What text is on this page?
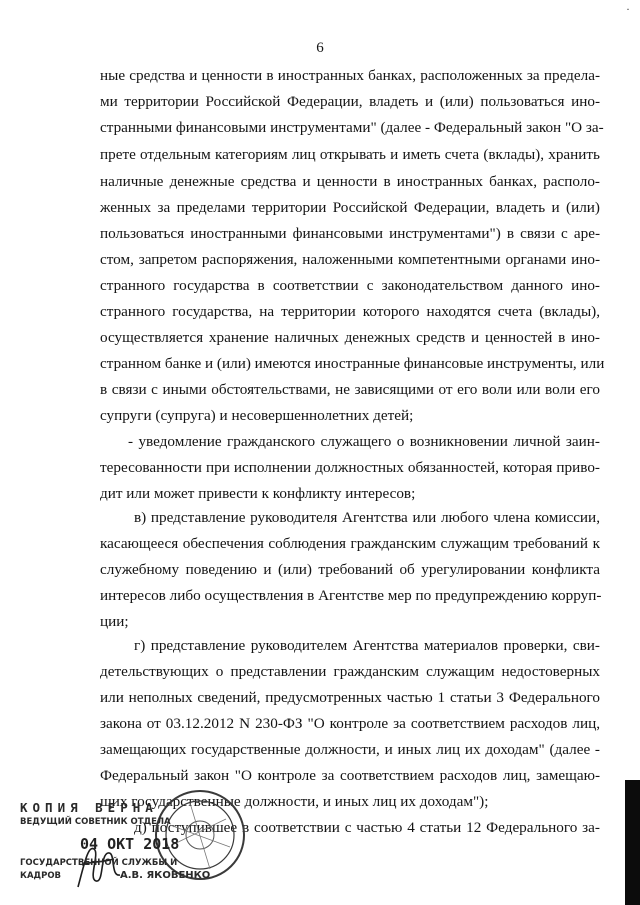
·
6
ные средства и ценности в иностранных банках, расположенных за предела-
ми территории Российской Федерации, владеть и (или) пользоваться ино-
странными финансовыми инструментами" (далее - Федеральный закон "О за-
прете отдельным категориям лиц открывать и иметь счета (вклады), хранить
наличные денежные средства и ценности в иностранных банках, располо-
женных за пределами территории Российской Федерации, владеть и (или)
пользоваться иностранными финансовыми инструментами") в связи с аре-
стом, запретом распоряжения, наложенными компетентными органами ино-
странного государства в соответствии с законодательством данного ино-
странного государства, на территории которого находятся счета (вклады),
осуществляется хранение наличных денежных средств и ценностей в ино-
странном банке и (или) имеются иностранные финансовые инструменты, или
в связи с иными обстоятельствами, не зависящими от его воли или воли его
супруги (супруга) и несовершеннолетних детей;
- уведомление гражданского служащего о возникновении личной заин-
тересованности при исполнении должностных обязанностей, которая приво-
дит или может привести к конфликту интересов;
в) представление руководителя Агентства или любого члена комиссии,
касающееся обеспечения соблюдения гражданским служащим требований к
служебному поведению и (или) требований об урегулировании конфликта
интересов либо осуществления в Агентстве мер по предупреждению корруп-
ции;
г) представление руководителем Агентства материалов проверки, сви-
детельствующих о представлении гражданским служащим недостоверных
или неполных сведений, предусмотренных частью 1 статьи 3 Федерального
закона от 03.12.2012 N 230-ФЗ "О контроле за соответствием расходов лиц,
замещающих государственные должности, и иных лиц их доходам" (далее -
Федеральный закон "О контроле за соответствием расходов лиц, замещаю-
щих государственные должности, и иных лиц их доходам");
д) поступившее в соответствии с частью 4 статьи 12 Федерального за-
КОПИЯ ВЕРНА
ВЕДУЩИЙ СОВЕТНИК ОТДЕЛА
04 ОКТ 2018
ГОСУДАРСТВЕННОЙ СЛУЖБЫ И
КАДРОВ	А.В. ЯКОВЕНКО
